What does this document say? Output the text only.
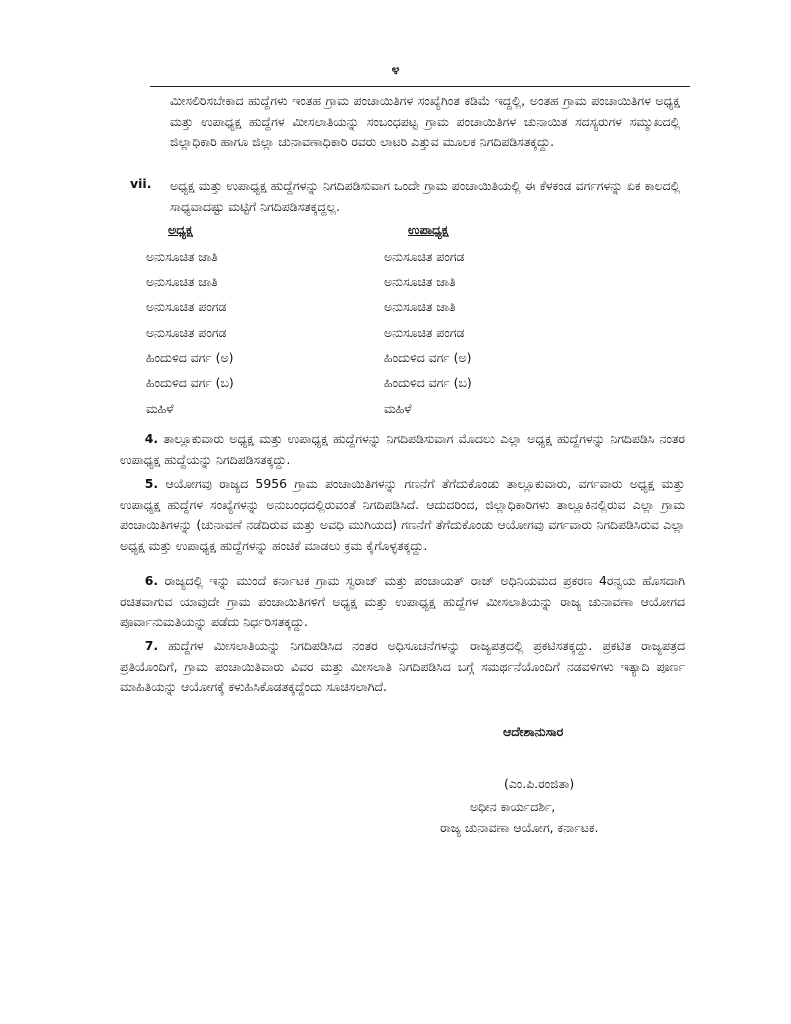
೪

ಮೀಸಲಿರಿಸಬೇಕಾದ ಹುದ್ದೆಗಳು ಇಂತಹ ಗ್ರಾಮ ಪಂಚಾಯಿತಿಗಳ ಸಂಖ್ಯೆಗಿಂತ ಕಡಿಮೆ ಇದ್ದಲ್ಲಿ, ಅಂತಹ ಗ್ರಾಮ ಪಂಚಾಯಿತಿಗಳ ಅಧ್ಯಕ್ಷ ಮತ್ತು ಉಪಾಧ್ಯಕ್ಷ ಹುದ್ದೆಗಳ ಮೀಸಲಾತಿಯನ್ನು ಸಂಬಂಧಪಟ್ಟ ಗ್ರಾಮ ಪಂಚಾಯಿತಿಗಳ ಚುನಾಯಿತ ಸದಸ್ಯರುಗಳ ಸಮ್ಮುಖದಲ್ಲಿ ಜಿಲ್ಲಾಧಿಕಾರಿ ಹಾಗೂ ಜಿಲ್ಲಾ ಚುನಾವಣಾಧಿಕಾರಿ ರವರು ಲಾಟರಿ ಎತ್ತುವ ಮೂಲಕ ನಿಗದಿಪಡಿಸತಕ್ಕದ್ದು.

vii. ಅಧ್ಯಕ್ಷ ಮತ್ತು ಉಪಾಧ್ಯಕ್ಷ ಹುದ್ದೆಗಳನ್ನು ನಿಗದಿಪಡಿಸುವಾಗ ಒಂದೇ ಗ್ರಾಮ ಪಂಚಾಯಿತಿಯಲ್ಲಿ ಈ ಕೆಳಕಂಡ ವರ್ಗಗಳನ್ನು ಏಕ ಕಾಲದಲ್ಲಿ ಸಾಧ್ಯವಾದಷ್ಟು ಮಟ್ಟಿಗೆ ನಿಗದಿಪಡಿಸತಕ್ಕದ್ದಲ್ಲ.

ಅಧ್ಯಕ್ಷ	ಉಪಾಧ್ಯಕ್ಷ
ಅನುಸೂಚಿತ ಜಾತಿ	ಅನುಸೂಚಿತ ಪಂಗಡ
ಅನುಸೂಚಿತ ಜಾತಿ	ಅನುಸೂಚಿತ ಜಾತಿ
ಅನುಸೂಚಿತ ಪಂಗಡ	ಅನುಸೂಚಿತ ಜಾತಿ
ಅನುಸೂಚಿತ ಪಂಗಡ	ಅನುಸೂಚಿತ ಪಂಗಡ
ಹಿಂದುಳಿದ ವರ್ಗ (ಅ)	ಹಿಂದುಳಿದ ವರ್ಗ (ಅ)
ಹಿಂದುಳಿದ ವರ್ಗ (ಬ)	ಹಿಂದುಳಿದ ವರ್ಗ (ಬ)
ಮಹಿಳೆ	ಮಹಿಳೆ

  4. ತಾಲ್ಲೂಕುವಾರು ಅಧ್ಯಕ್ಷ ಮತ್ತು ಉಪಾಧ್ಯಕ್ಷ ಹುದ್ದೆಗಳನ್ನು ನಿಗದಿಪಡಿಸುವಾಗ ಮೊದಲು ಎಲ್ಲಾ ಅಧ್ಯಕ್ಷ ಹುದ್ದೆಗಳನ್ನು ನಿಗದಿಪಡಿಸಿ ನಂತರ ಉಪಾಧ್ಯಕ್ಷ ಹುದ್ದೆಯನ್ನು ನಿಗದಿಪಡಿಸತಕ್ಕದ್ದು.

  5. ಆಯೋಗವು ರಾಜ್ಯದ 5956 ಗ್ರಾಮ ಪಂಚಾಯಿತಿಗಳನ್ನು ಗಣನೆಗೆ ತೆಗೆದುಕೊಂಡು ತಾಲ್ಲೂಕುವಾರು, ವರ್ಗವಾರು ಅಧ್ಯಕ್ಷ ಮತ್ತು ಉಪಾಧ್ಯಕ್ಷ ಹುದ್ದೆಗಳ ಸಂಖ್ಯೆಗಳನ್ನು ಅನುಬಂಧದಲ್ಲಿರುವಂತೆ ನಿಗದಿಪಡಿಸಿದೆ. ಆದುದರಿಂದ, ಜಿಲ್ಲಾಧಿಕಾರಿಗಳು ತಾಲ್ಲೂಕಿನಲ್ಲಿರುವ ಎಲ್ಲಾ ಗ್ರಾಮ ಪಂಚಾಯಿತಿಗಳನ್ನು (ಚುನಾವಣೆ ನಡೆದಿರುವ ಮತ್ತು ಅವಧಿ ಮುಗಿಯದ) ಗಣನೆಗೆ ತೆಗೆದುಕೊಂಡು ಆಯೋಗವು ವರ್ಗವಾರು ನಿಗದಿಪಡಿಸಿರುವ ಎಲ್ಲಾ ಅಧ್ಯಕ್ಷ ಮತ್ತು ಉಪಾಧ್ಯಕ್ಷ ಹುದ್ದೆಗಳನ್ನು ಹಂಚಿಕೆ ಮಾಡಲು ಕ್ರಮ ಕೈಗೊಳ್ಳತಕ್ಕದ್ದು.

  6. ರಾಜ್ಯದಲ್ಲಿ ಇನ್ನು ಮುಂದೆ ಕರ್ನಾಟಕ ಗ್ರಾಮ ಸ್ವರಾಜ್ ಮತ್ತು ಪಂಚಾಯತ್ ರಾಜ್ ಅಧಿನಿಯಮದ ಪ್ರಕರಣ 4ರನ್ವಯ ಹೊಸದಾಗಿ ರಚಿತವಾಗುವ ಯಾವುದೇ ಗ್ರಾಮ ಪಂಚಾಯಿತಿಗಳಿಗೆ ಅಧ್ಯಕ್ಷ ಮತ್ತು ಉಪಾಧ್ಯಕ್ಷ ಹುದ್ದೆಗಳ ಮೀಸಲಾತಿಯನ್ನು ರಾಜ್ಯ ಚುನಾವಣಾ ಆಯೋಗದ ಪೂರ್ವಾನುಮತಿಯನ್ನು ಪಡೆದು ನಿರ್ಧರಿಸತಕ್ಕದ್ದು.

  7. ಹುದ್ದೆಗಳ ಮೀಸಲಾತಿಯನ್ನು ನಿಗದಿಪಡಿಸಿದ ನಂತರ ಅಧಿಸೂಚನೆಗಳನ್ನು ರಾಜ್ಯಪತ್ರದಲ್ಲಿ ಪ್ರಕಟಿಸತಕ್ಕದ್ದು. ಪ್ರಕಟಿತ ರಾಜ್ಯಪತ್ರದ ಪ್ರತಿಯೊಂದಿಗೆ, ಗ್ರಾಮ ಪಂಚಾಯಿತಿವಾರು ವಿವರ ಮತ್ತು ಮೀಸಲಾತಿ ನಿಗದಿಪಡಿಸಿದ ಬಗ್ಗೆ ಸಮರ್ಥನೆಯೊಂದಿಗೆ ನಡವಳಿಗಳು ಇತ್ಯಾದಿ ಪೂರ್ಣ ಮಾಹಿತಿಯನ್ನು ಆಯೋಗಕ್ಕೆ ಕಳುಹಿಸಿಕೊಡತಕ್ಕದ್ದೆಂದು ಸೂಚಿಸಲಾಗಿದೆ.

ಆದೇಶಾನುಸಾರ
(ಎಂ.ಪಿ.ರಂಜಿತಾ)
ಅಧೀನ ಕಾರ್ಯದರ್ಶಿ,
ರಾಜ್ಯ ಚುನಾವಣಾ ಆಯೋಗ, ಕರ್ನಾಟಕ.
